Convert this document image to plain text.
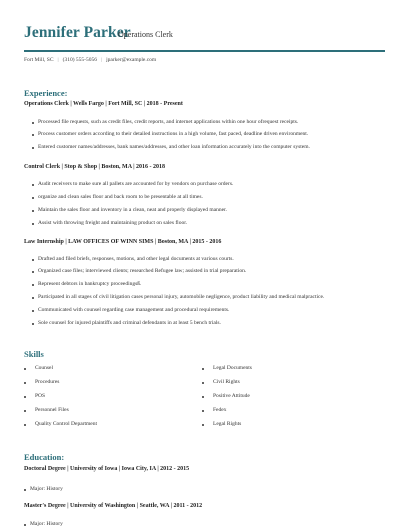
Jennifer Parker
Operations Clerk
Fort Mill, SC | (310) 555-5056 | jparker@example.com
Experience:
Operations Clerk | Wells Fargo | Fort Mill, SC | 2018 - Present
Processed file requests, such as credit files, credit reports, and internet applications within one hour ofrequest receipts.
Process customer orders according to their detailed instructions in a high volume, fast paced, deadline driven environment.
Entered customer names/addresses, bank names/addresses, and other loan information accurately into the computer system.
Control Clerk | Stop & Shop | Boston, MA | 2016 - 2018
Audit receivers to make sure all pallets are accounted for by vendors on purchase orders.
organize and clean sales floor and back room to be presentable at all times.
Maintain the sales floor and inventory in a clean, neat and properly displayed manner.
Assist with throwing freight and maintaining product on sales floor.
Law Internship | LAW OFFICES OF WINN SIMS | Boston, MA | 2015 - 2016
Drafted and filed briefs, responses, motions, and other legal documents at various courts.
Organized case files; interviewed clients; researched Refugee law; assisted in trial preparation.
Represent debtors in bankruptcy proceedingsß.
Participated in all stages of civil litigation cases personal injury, automobile negligence, product liability and medical malpractice.
Communicated with counsel regarding case management and procedural requirements.
Sole counsel for injured plaintiffs and criminal defendants in at least 5 bench trials.
Skills
Counsel
Procedures
POS
Personnel Files
Quality Control Department
Legal Documents
Civil Rights
Positive Attitude
Fedex
Legal Rights
Education:
Doctoral Degree | University of Iowa | Iowa City, IA | 2012 - 2015
Major: History
Master's Degree | University of Washington | Seattle, WA | 2011 - 2012
Major: History
